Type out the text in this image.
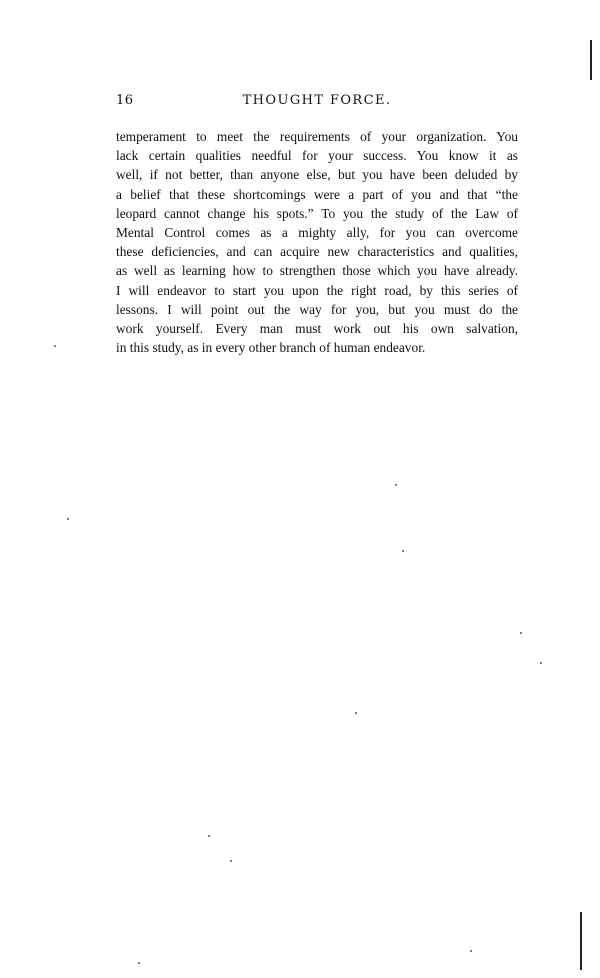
16	THOUGHT FORCE.
temperament to meet the requirements of your organization. You
lack certain qualities needful for your success. You know it as
well, if not better, than anyone else, but you have been deluded by
a belief that these shortcomings were a part of you and that “the
leopard cannot change his spots.” To you the study of the Law of
Mental Control comes as a mighty ally, for you can overcome
these deficiencies, and can acquire new characteristics and qualities,
as well as learning how to strengthen those which you have already.
I will endeavor to start you upon the right road, by this series of
lessons. I will point out the way for you, but you must do the
work yourself. Every man must work out his own salvation,
in this study, as in every other branch of human endeavor.
